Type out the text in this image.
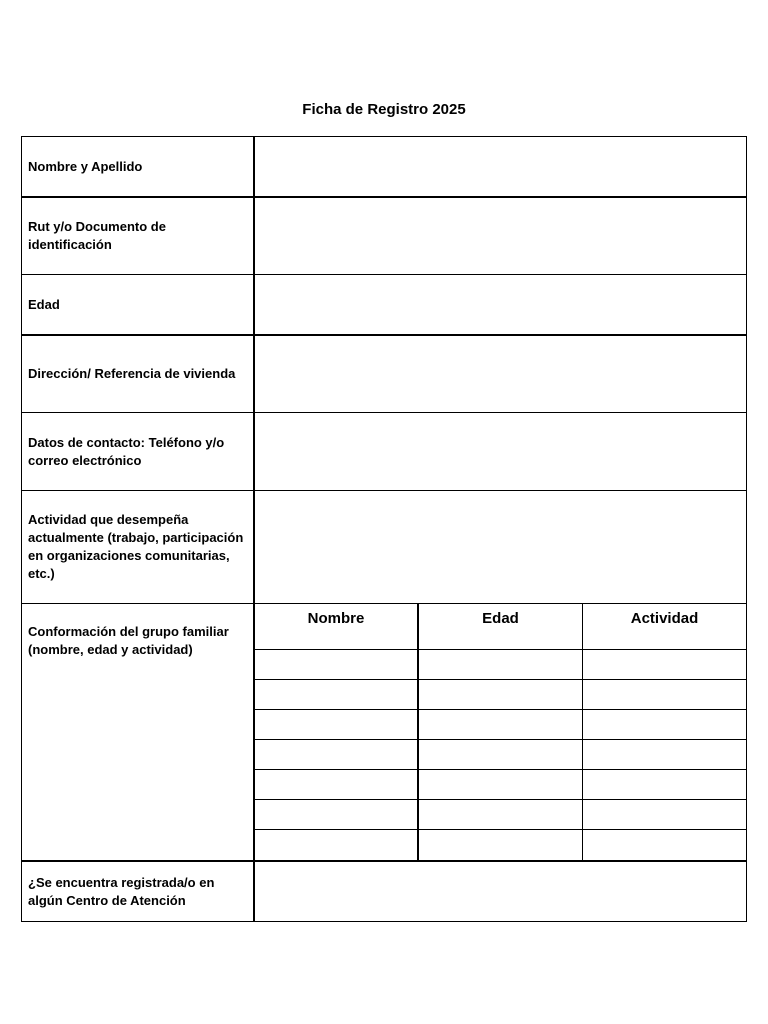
Ficha de Registro 2025
Nombre y Apellido
Rut y/o Documento de identificación
Edad
Dirección/ Referencia de vivienda
Datos de contacto: Teléfono y/o correo electrónico
Actividad que desempeña actualmente (trabajo, participación en organizaciones comunitarias, etc.)
Conformación del grupo familiar (nombre, edad y actividad)
Nombre	Edad	Actividad
¿Se encuentra registrada/o en algún Centro de Atención
